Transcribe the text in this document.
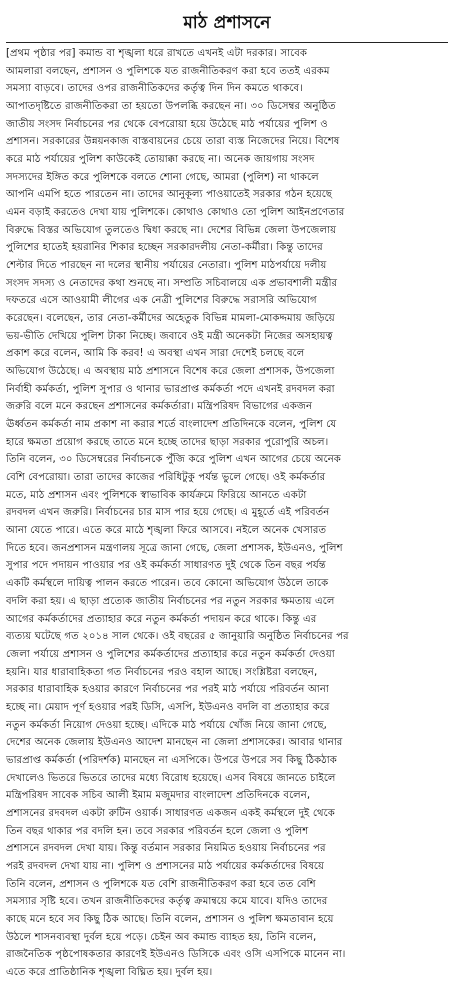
মাঠ প্রশাসনে
[প্রথম পৃষ্ঠার পর] কমান্ড বা শৃঙ্খলা ধরে রাখতে এখনই এটা দরকার। সাবেক
আমলারা বলছেন, প্রশাসন ও পুলিশকে যত রাজনীতিকরণ করা হবে ততই এরকম
সমস্যা বাড়বে। তাদের ওপর রাজনীতিকদের কর্তৃত্ব দিন দিন কমতে থাকবে।
আপাতদৃষ্টিতে রাজনীতিকরা তা হয়তো উপলব্ধি করছেন না। ৩০ ডিসেম্বর অনুষ্ঠিত
জাতীয় সংসদ নির্বাচনের পর থেকে বেপরোয়া হয়ে উঠেছে মাঠ পর্যায়ের পুলিশ ও
প্রশাসন। সরকারের উন্নয়নকাজ বাস্তবায়নের চেয়ে তারা ব্যস্ত নিজেদের নিয়ে। বিশেষ
করে মাঠ পর্যায়ের পুলিশ কাউকেই তোয়াক্কা করছে না। অনেক জায়গায় সংসদ
সদস্যদের ইঙ্গিত করে পুলিশকে বলতে শোনা গেছে, আমরা (পুলিশ) না থাকলে
আপনি এমপি হতে পারতেন না। তাদের আনুকূল্য পাওয়াতেই সরকার গঠন হয়েছে
এমন বড়াই করতেও দেখা যায় পুলিশকে। কোথাও কোথাও তো পুলিশ আইনপ্রণেতার
বিরুদ্ধে বিস্তর অভিযোগ তুলতেও দ্বিধা করছে না। দেশের বিভিন্ন জেলা উপজেলায়
পুলিশের হাতেই হয়রানির শিকার হচ্ছেন সরকারদলীয় নেতা-কর্মীরা। কিন্তু তাদের
শেল্টার দিতে পারছেন না দলের স্থানীয় পর্যায়ের নেতারা। পুলিশ মাঠপর্যায়ে দলীয়
সংসদ সদস্য ও নেতাদের কথা শুনছে না। সম্প্রতি সচিবালয়ে এক প্রভাবশালী মন্ত্রীর
দফতরে এসে আওয়ামী লীগের এক নেত্রী পুলিশের বিরুদ্ধে সরাসরি অভিযোগ
করেছেন। বলেছেন, তার নেতা-কর্মীদের অহেতুক বিভিন্ন মামলা-মোকদ্দমায় জড়িয়ে
ভয়-ভীতি দেখিয়ে পুলিশ টাকা নিচ্ছে। জবাবে ওই মন্ত্রী অনেকটা নিজের অসহায়ত্ব
প্রকাশ করে বলেন, আমি কি করব! এ অবস্থা এখন সারা দেশেই চলছে বলে
অভিযোগ উঠেছে। এ অবস্থায় মাঠ প্রশাসনে বিশেষ করে জেলা প্রশাসক, উপজেলা
নির্বাহী কর্মকর্তা, পুলিশ সুপার ও থানার ভারপ্রাপ্ত কর্মকর্তা পদে এখনই রদবদল করা
জরুরি বলে মনে করছেন প্রশাসনের কর্মকর্তারা। মন্ত্রিপরিষদ বিভাগের একজন
ঊর্ধ্বতন কর্মকর্তা নাম প্রকাশ না করার শর্তে বাংলাদেশ প্রতিদিনকে বলেন, পুলিশ যে
হারে ক্ষমতা প্রয়োগ করছে তাতে মনে হচ্ছে তাদের ছাড়া সরকার পুরোপুরি অচল।
তিনি বলেন, ৩০ ডিসেম্বরের নির্বাচনকে পুঁজি করে পুলিশ এখন আগের চেয়ে অনেক
বেশি বেপরোয়া। তারা তাদের কাজের পরিধিটুকু পর্যন্ত ভুলে গেছে। ওই কর্মকর্তার
মতে, মাঠ প্রশাসন এবং পুলিশকে স্বাভাবিক কার্যক্রমে ফিরিয়ে আনতে একটা
রদবদল এখন জরুরি। নির্বাচনের চার মাস পার হয়ে গেছে। এ মুহূর্তে এই পরিবর্তন
আনা যেতে পারে। এতে করে মাঠে শৃঙ্খলা ফিরে আসবে। নইলে অনেক খেসারত
দিতে হবে। জনপ্রশাসন মন্ত্রণালয় সূত্রে জানা গেছে, জেলা প্রশাসক, ইউএনও, পুলিশ
সুপার পদে পদায়ন পাওয়ার পর ওই কর্মকর্তা সাধারণত দুই থেকে তিন বছর পর্যন্ত
একটি কর্মস্থলে দায়িত্ব পালন করতে পারেন। তবে কোনো অভিযোগ উঠলে তাকে
বদলি করা হয়। এ ছাড়া প্রত্যেক জাতীয় নির্বাচনের পর নতুন সরকার ক্ষমতায় এলে
আগের কর্মকর্তাদের প্রত্যাহার করে নতুন কর্মকর্তা পদায়ন করে থাকে। কিন্তু এর
ব্যত্যয় ঘটেছে গত ২০১৪ সাল থেকে। ওই বছরের ৫ জানুয়ারি অনুষ্ঠিত নির্বাচনের পর
জেলা পর্যায়ে প্রশাসন ও পুলিশের কর্মকর্তাদের প্রত্যাহার করে নতুন কর্মকর্তা দেওয়া
হয়নি। যার ধারাবাহিকতা গত নির্বাচনের পরও বহাল আছে। সংশ্লিষ্টরা বলছেন,
সরকার ধারাবাহিক হওয়ার কারণে নির্বাচনের পর পরই মাঠ পর্যায়ে পরিবর্তন আনা
হচ্ছে না। মেয়াদ পূর্ণ হওয়ার পরই ডিসি, এসপি, ইউএনও বদলি বা প্রত্যাহার করে
নতুন কর্মকর্তা নিয়োগ দেওয়া হচ্ছে। এদিকে মাঠ পর্যায়ে খোঁজ নিয়ে জানা গেছে,
দেশের অনেক জেলায় ইউএনও আদেশ মানছেন না জেলা প্রশাসকের। আবার থানার
ভারপ্রাপ্ত কর্মকর্তা (পরিদর্শক) মানছেন না এসপিকে। উপরে উপরে সব কিছু ঠিকঠাক
দেখালেও ভিতরে ভিতরে তাদের মধ্যে বিরোধ হয়েছে। এসব বিষয়ে জানতে চাইলে
মন্ত্রিপরিষদ সাবেক সচিব আলী ইমাম মজুমদার বাংলাদেশ প্রতিদিনকে বলেন,
প্রশাসনের রদবদল একটা রুটিন ওয়ার্ক। সাধারণত একজন একই কর্মস্থলে দুই থেকে
তিন বছর থাকার পর বদলি হন। তবে সরকার পরিবর্তন হলে জেলা ও পুলিশ
প্রশাসনে রদবদল দেখা যায়। কিন্তু বর্তমান সরকার নিয়মিত হওয়ায় নির্বাচনের পর
পরই রদবদল দেখা যায় না। পুলিশ ও প্রশাসনের মাঠ পর্যায়ের কর্মকর্তাদের বিষয়ে
তিনি বলেন, প্রশাসন ও পুলিশকে যত বেশি রাজনীতিকরণ করা হবে তত বেশি
সমস্যার সৃষ্টি হবে। তখন রাজনীতিকদের কর্তৃত্ব ক্রমান্বয়ে কমে যাবে। যদিও তাদের
কাছে মনে হবে সব কিছু ঠিক আছে। তিনি বলেন, প্রশাসন ও পুলিশ ক্ষমতাবান হয়ে
উঠলে শাসনব্যবস্থা দুর্বল হয়ে পড়ে। চেইন অব কমান্ড ব্যাহত হয়, তিনি বলেন,
রাজনৈতিক পৃষ্ঠপোষকতার কারণেই ইউএনও ডিসিকে এবং ওসি এসপিকে মানেন না।
এতে করে প্রাতিষ্ঠানিক শৃঙ্খলা বিঘ্নিত হয়। দুর্বল হয়।
